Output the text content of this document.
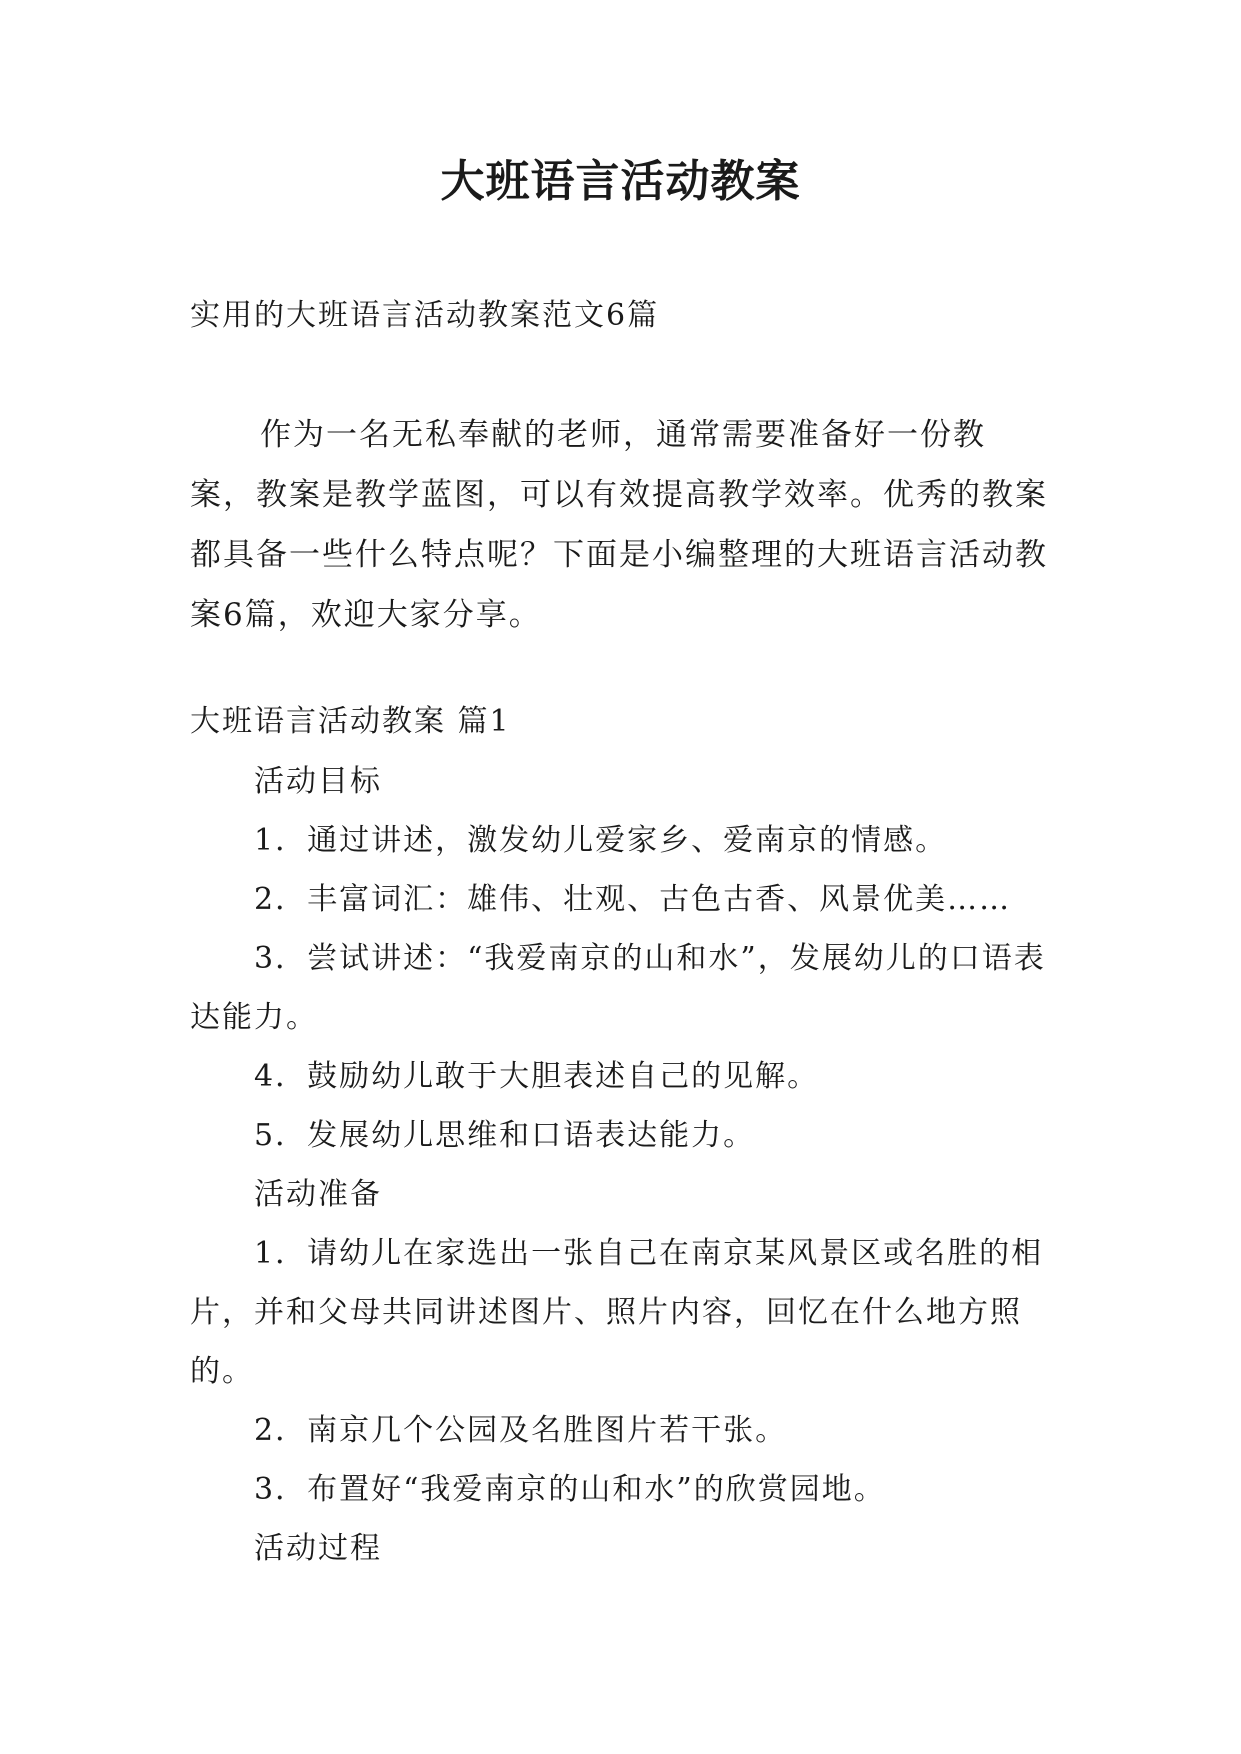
大班语言活动教案
实用的大班语言活动教案范文6篇

作为一名无私奉献的老师，通常需要准备好一份教案，教案是教学蓝图，可以有效提高教学效率。优秀的教案都具备一些什么特点呢？下面是小编整理的大班语言活动教案6篇，欢迎大家分享。

大班语言活动教案 篇1

活动目标

1．通过讲述，激发幼儿爱家乡、爱南京的情感。

2．丰富词汇：雄伟、壮观、古色古香、风景优美……

3．尝试讲述：“我爱南京的山和水”，发展幼儿的口语表达能力。

4．鼓励幼儿敢于大胆表述自己的见解。

5．发展幼儿思维和口语表达能力。

活动准备

1．请幼儿在家选出一张自己在南京某风景区或名胜的相片，并和父母共同讲述图片、照片内容，回忆在什么地方照的。

2．南京几个公园及名胜图片若干张。

3．布置好“我爱南京的山和水”的欣赏园地。

活动过程
